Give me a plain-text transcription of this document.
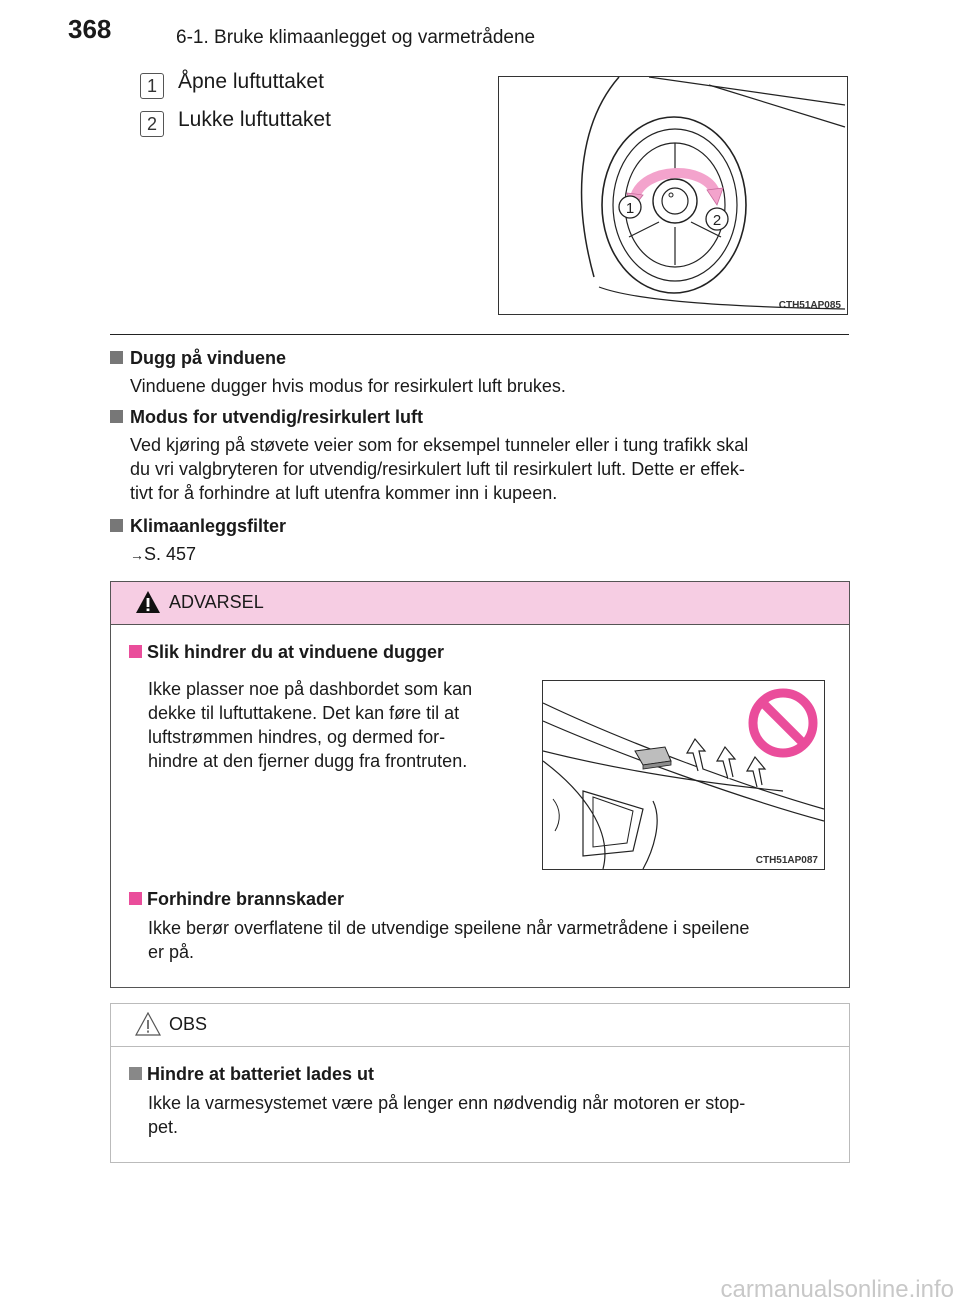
368	6-1. Bruke klimaanlegget og varmetrådene
1	Åpne luftuttaket
2	Lukke luftuttaket
1
2
CTH51AP085
Dugg på vinduene
Vinduene dugger hvis modus for resirkulert luft brukes.
Modus for utvendig/resirkulert luft
Ved kjøring på støvete veier som for eksempel tunneler eller i tung trafikk skal
du vri valgbryteren for utvendig/resirkulert luft til resirkulert luft. Dette er effek-
tivt for å forhindre at luft utenfra kommer inn i kupeen.
Klimaanleggsfilter
→S. 457
ADVARSEL
Slik hindrer du at vinduene dugger
Ikke plasser noe på dashbordet som kan
dekke til luftuttakene. Det kan føre til at
luftstrømmen hindres, og dermed for-
hindre at den fjerner dugg fra frontruten.
CTH51AP087
Forhindre brannskader
Ikke berør overflatene til de utvendige speilene når varmetrådene i speilene
er på.
OBS
Hindre at batteriet lades ut
Ikke la varmesystemet være på lenger enn nødvendig når motoren er stop-
pet.
carmanualsonline.info
